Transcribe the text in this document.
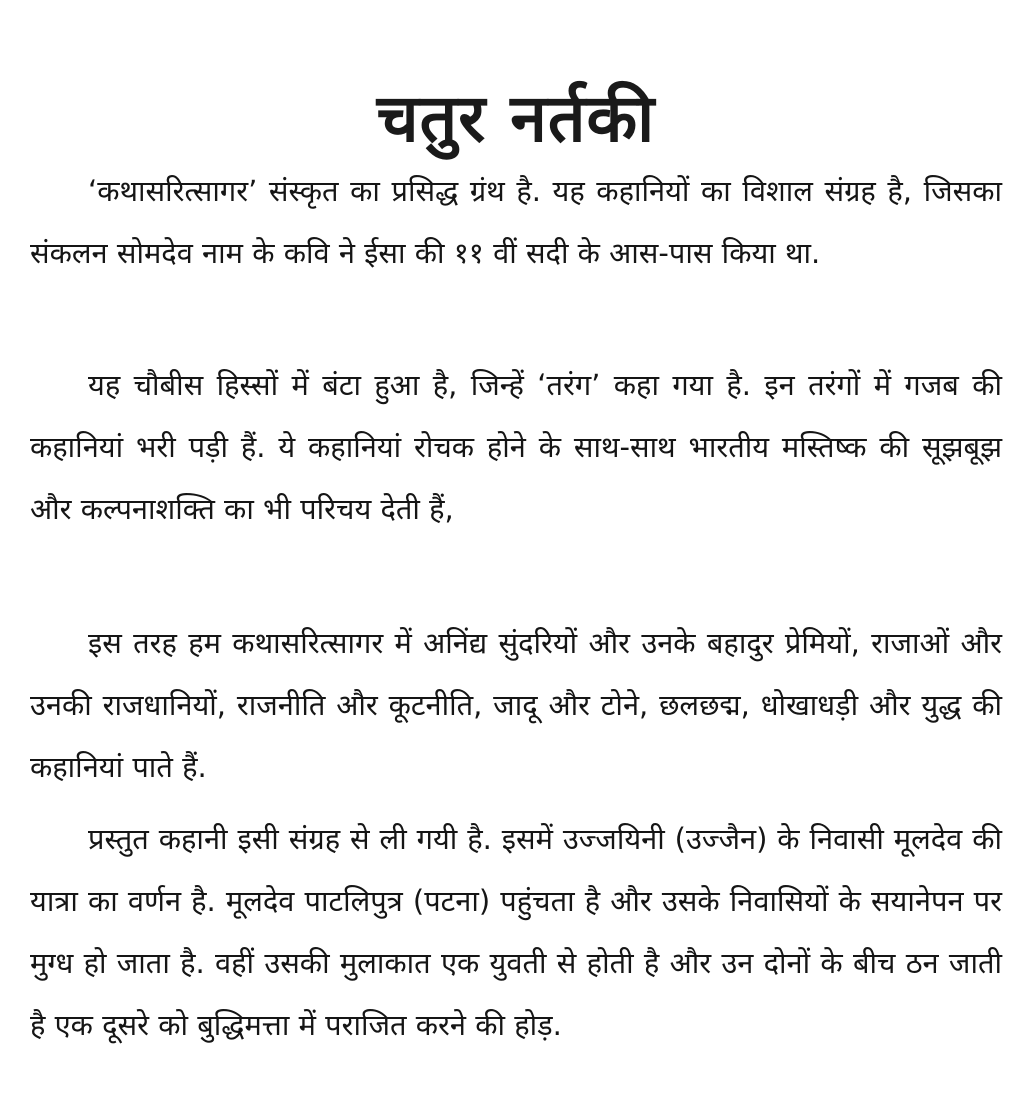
चतुर नर्तकी

‘कथासरित्सागर’ संस्कृत का प्रसिद्ध ग्रंथ है. यह कहानियों का विशाल संग्रह है, जिसका संकलन सोमदेव नाम के कवि ने ईसा की ११ वीं सदी के आस-पास किया था.

यह चौबीस हिस्सों में बंटा हुआ है, जिन्हें ‘तरंग’ कहा गया है. इन तरंगों में गजब की कहानियां भरी पड़ी हैं. ये कहानियां रोचक होने के साथ-साथ भारतीय मस्तिष्क की सूझबूझ और कल्पनाशक्ति का भी परिचय देती हैं,

इस तरह हम कथासरित्सागर में अनिंद्य सुंदरियों और उनके बहादुर प्रेमियों, राजाओं और उनकी राजधानियों, राजनीति और कूटनीति, जादू और टोने, छलछद्म, धोखाधड़ी और युद्ध की कहानियां पाते हैं.

प्रस्तुत कहानी इसी संग्रह से ली गयी है. इसमें उज्जयिनी (उज्जैन) के निवासी मूलदेव की यात्रा का वर्णन है. मूलदेव पाटलिपुत्र (पटना) पहुंचता है और उसके निवासियों के सयानेपन पर मुग्ध हो जाता है. वहीं उसकी मुलाकात एक युवती से होती है और उन दोनों के बीच ठन जाती है एक दूसरे को बुद्धिमत्ता में पराजित करने की होड़.
